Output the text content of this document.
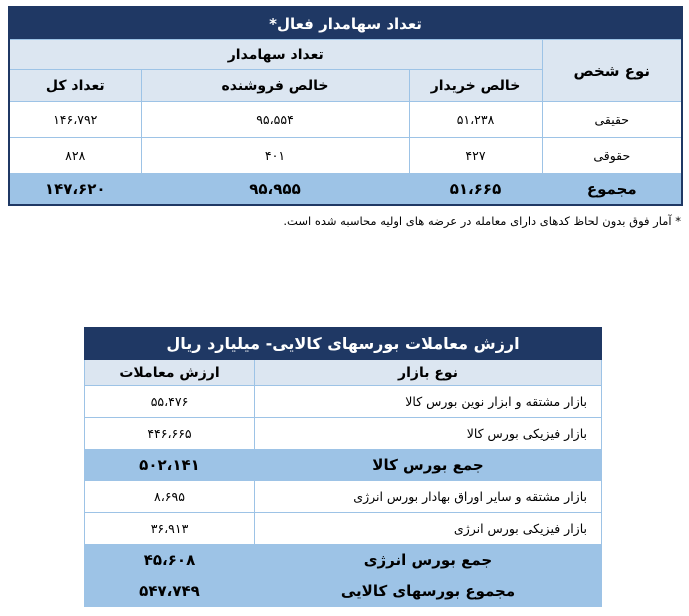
تعداد سهامدار فعال*			
تعداد سهامدار			نوع شخص
تعداد کل	خالص فروشنده	خالص خریدار	
۱۴۶،۷۹۲	۹۵،۵۵۴	۵۱،۲۳۸	حقیقی
۸۲۸	۴۰۱	۴۲۷	حقوقی
۱۴۷،۶۲۰	۹۵،۹۵۵	۵۱،۶۶۵	مجموع
* آمار فوق بدون لحاظ کدهای دارای معامله در عرضه های اولیه محاسبه شده است.
ارزش معاملات بورسهای کالایی- میلیارد ریال	
ارزش معاملات	نوع بازار
۵۵،۴۷۶	بازار مشتقه و ابزار نوین بورس کالا
۴۴۶،۶۶۵	بازار فیزیکی بورس کالا
۵۰۲،۱۴۱	جمع بورس کالا
۸،۶۹۵	بازار مشتقه و سایر اوراق بهادار بورس انرژی
۳۶،۹۱۳	بازار فیزیکی بورس انرژی
۴۵،۶۰۸	جمع بورس انرژی
۵۴۷،۷۴۹	مجموع بورسهای کالایی
